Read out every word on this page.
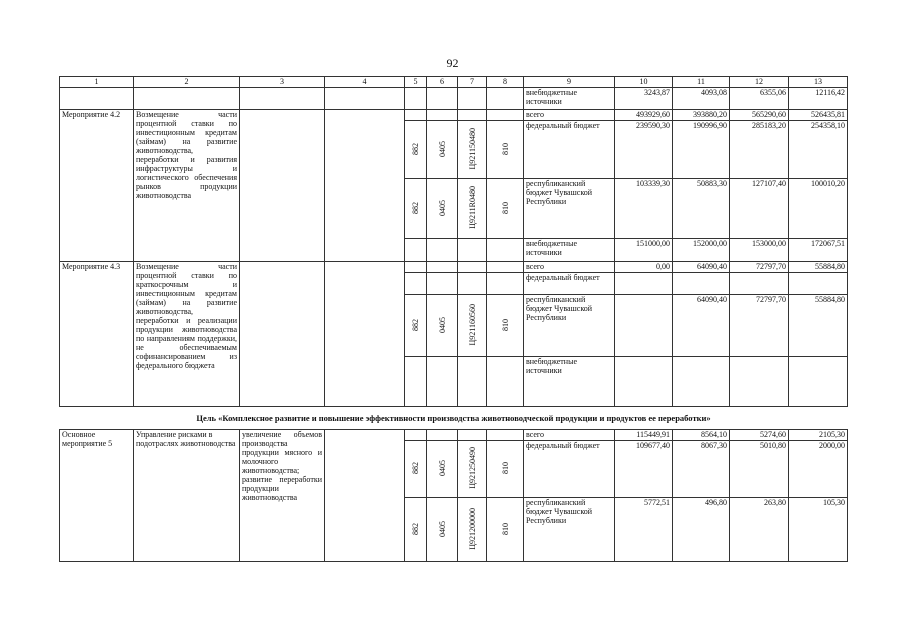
92
1	2	3	4	5	6	7	8	9	10	11	12	13
								внебюджетные источники	3243,87	4093,08	6355,06	12116,42
Мероприятие 4.2	Возмещение части процентной ставки по инвестиционным кредитам (займам) на развитие животноводства, переработки и развития инфраструктуры и логистического обеспечения рынков продукции животноводства							всего	493929,60	393880,20	565290,60	526435,81
				882	0405	Ц921150480	810	федеральный бюджет	239590,30	190996,90	285183,20	254358,10
				882	0405	Ц9211R0480	810	республиканский бюджет Чувашской Республики	103339,30	50883,30	127107,40	100010,20
								внебюджетные источники	151000,00	152000,00	153000,00	172067,51
Мероприятие 4.3	Возмещение части процентной ставки по краткосрочным и инвестиционным кредитам (займам) на развитие животноводства, переработки и реализации продукции животноводства по направлениям поддержки, не обеспечиваемым софинансированием из федерального бюджета							всего	0,00	64090,40	72797,70	55884,80
								федеральный бюджет				
				882	0405	Ц921160560	810	республиканский бюджет Чувашской Республики		64090,40	72797,70	55884,80
								внебюджетные источники				
Цель «Комплексное развитие и повышение эффективности производства животноводческой продукции и продуктов ее переработки»												
Основное мероприятие 5	Управление рисками в подотраслях животноводства	увеличение объемов производства продукции мясного и молочного животноводства; развитие переработки продукции животноводства						всего	115449,91	8564,10	5274,60	2105,30
				882	0405	Ц921250490	810	федеральный бюджет	109677,40	8067,30	5010,80	2000,00
				882	0405	Ц921200000	810	республиканский бюджет Чувашской Республики	5772,51	496,80	263,80	105,30
